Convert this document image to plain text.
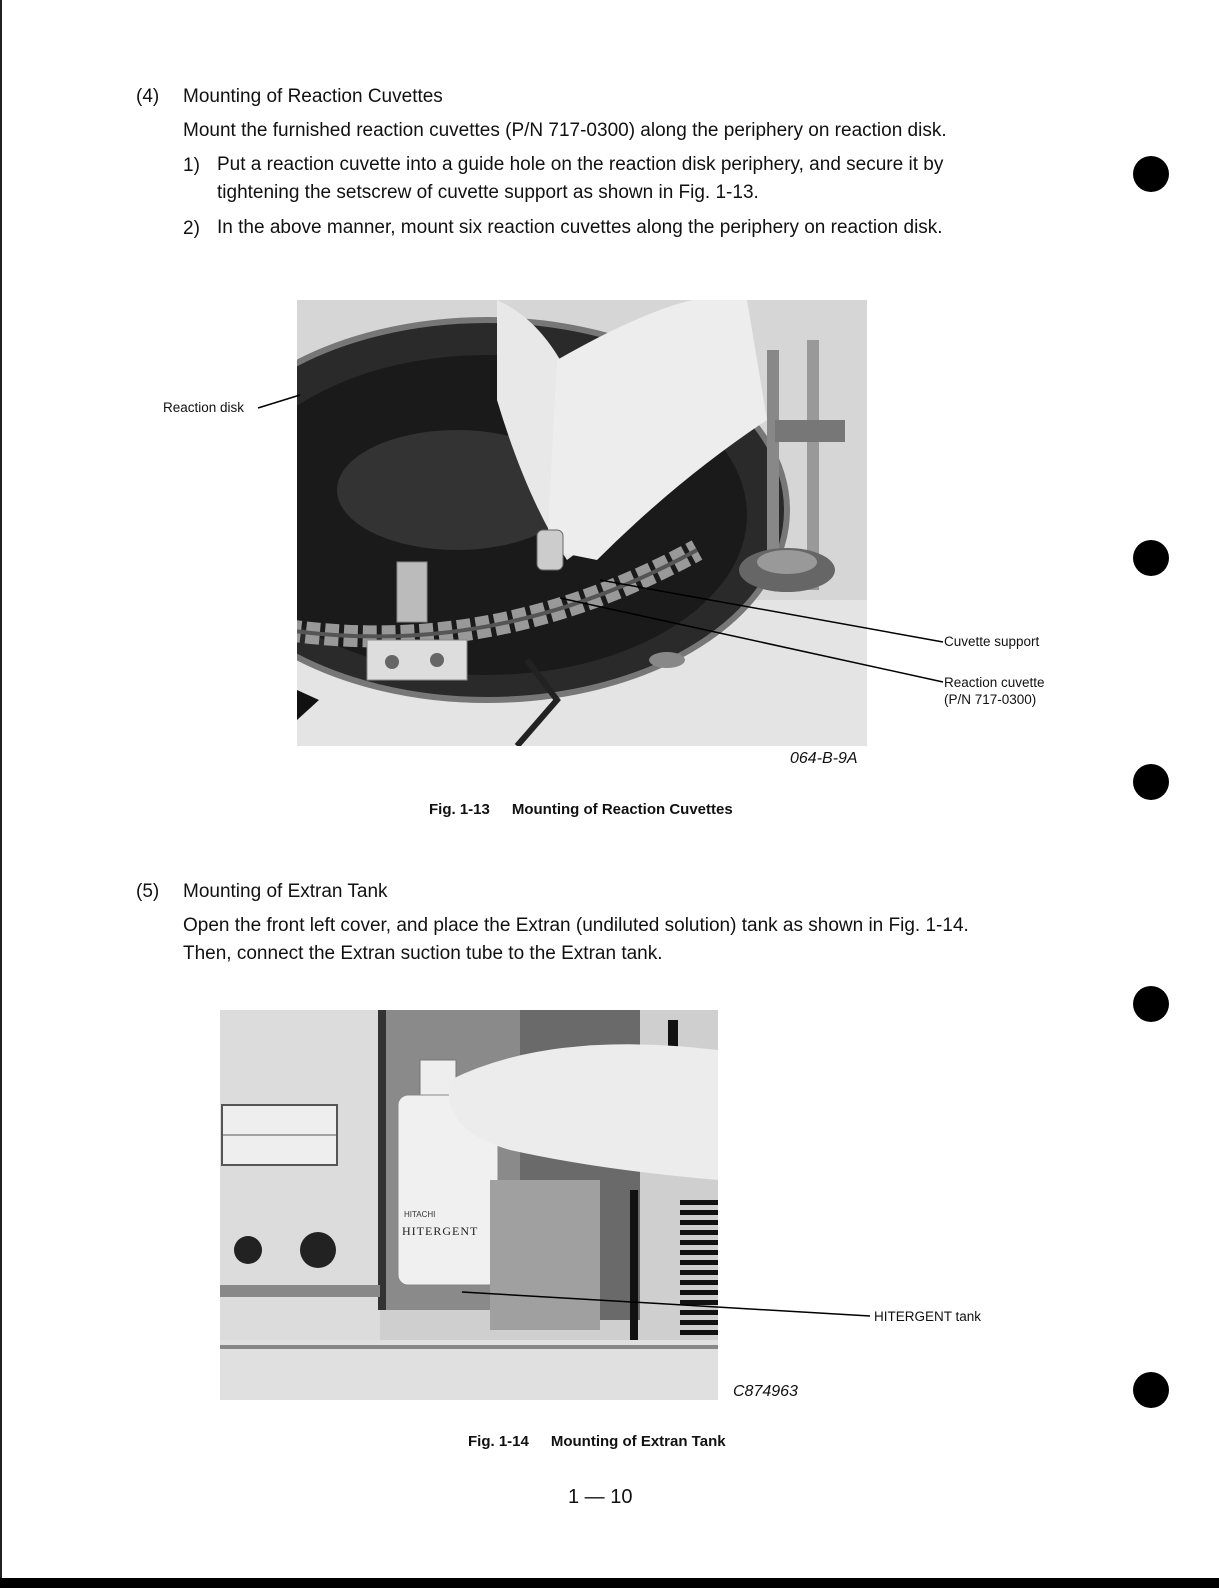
(4) Mounting of Reaction Cuvettes
Mount the furnished reaction cuvettes (P/N 717-0300) along the periphery on reaction disk.
1) Put a reaction cuvette into a guide hole on the reaction disk periphery, and secure it by
tightening the setscrew of cuvette support as shown in Fig. 1-13.
2) In the above manner, mount six reaction cuvettes along the periphery on reaction disk.
Reaction disk
Cuvette support
Reaction cuvette
(P/N 717-0300)
064-B-9A
Fig. 1-13 Mounting of Reaction Cuvettes
(5) Mounting of Extran Tank
Open the front left cover, and place the Extran (undiluted solution) tank as shown in Fig. 1-14.
Then, connect the Extran suction tube to the Extran tank.
HITACHI
HITERGENT
HITERGENT tank
C874963
Fig. 1-14 Mounting of Extran Tank
1 — 10
